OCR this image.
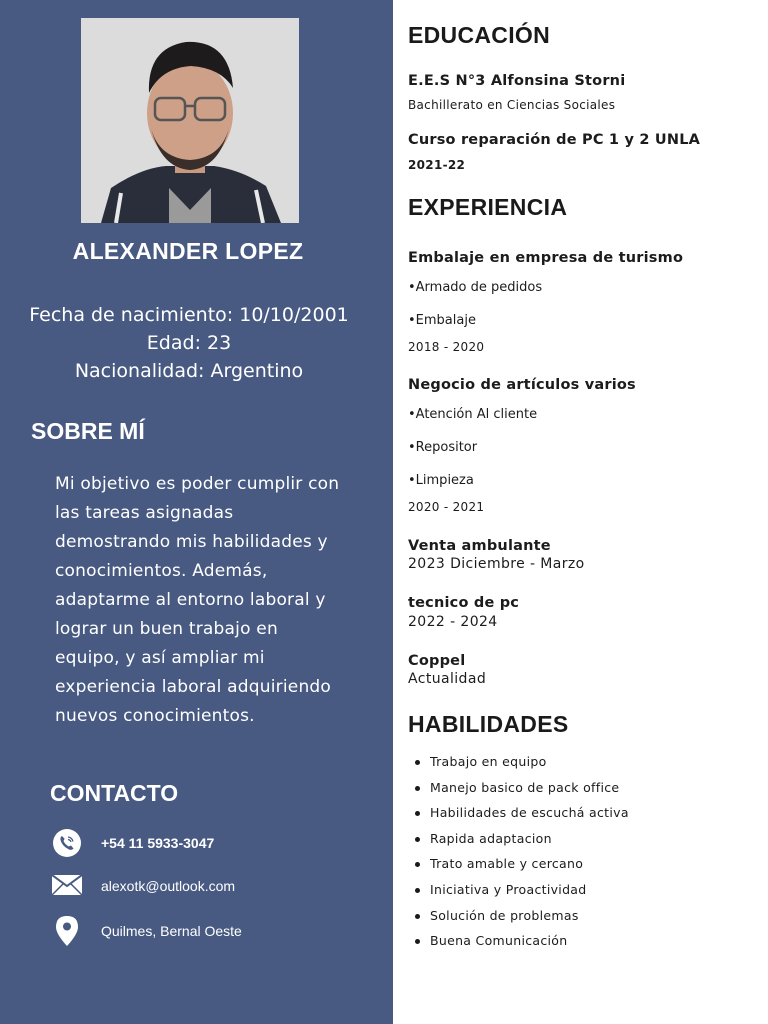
ALEXANDER LOPEZ
Fecha de nacimiento: 10/10/2001
Edad: 23
Nacionalidad: Argentino
SOBRE MÍ
Mi objetivo es poder cumplir con las tareas asignadas demostrando mis habilidades y conocimientos. Además, adaptarme al entorno laboral y lograr un buen trabajo en equipo, y así ampliar mi experiencia laboral adquiriendo nuevos conocimientos.
CONTACTO
+54 11 5933-3047
alexotk@outlook.com
Quilmes, Bernal Oeste
EDUCACIÓN
E.E.S N°3 Alfonsina Storni
Bachillerato en Ciencias Sociales
Curso reparación de PC 1 y 2 UNLA
2021-22
EXPERIENCIA
Embalaje en empresa de turismo
•Armado de pedidos
•Embalaje
2018 - 2020
Negocio de artículos varios
•Atención Al cliente
•Repositor
•Limpieza
2020 - 2021
Venta ambulante
2023 Diciembre - Marzo
tecnico de pc
2022 - 2024
Coppel
Actualidad
HABILIDADES
Trabajo en equipo
Manejo basico de pack office
Habilidades de escuchá activa
Rapida adaptacion
Trato amable y cercano
Iniciativa y Proactividad
Solución de problemas
Buena Comunicación
